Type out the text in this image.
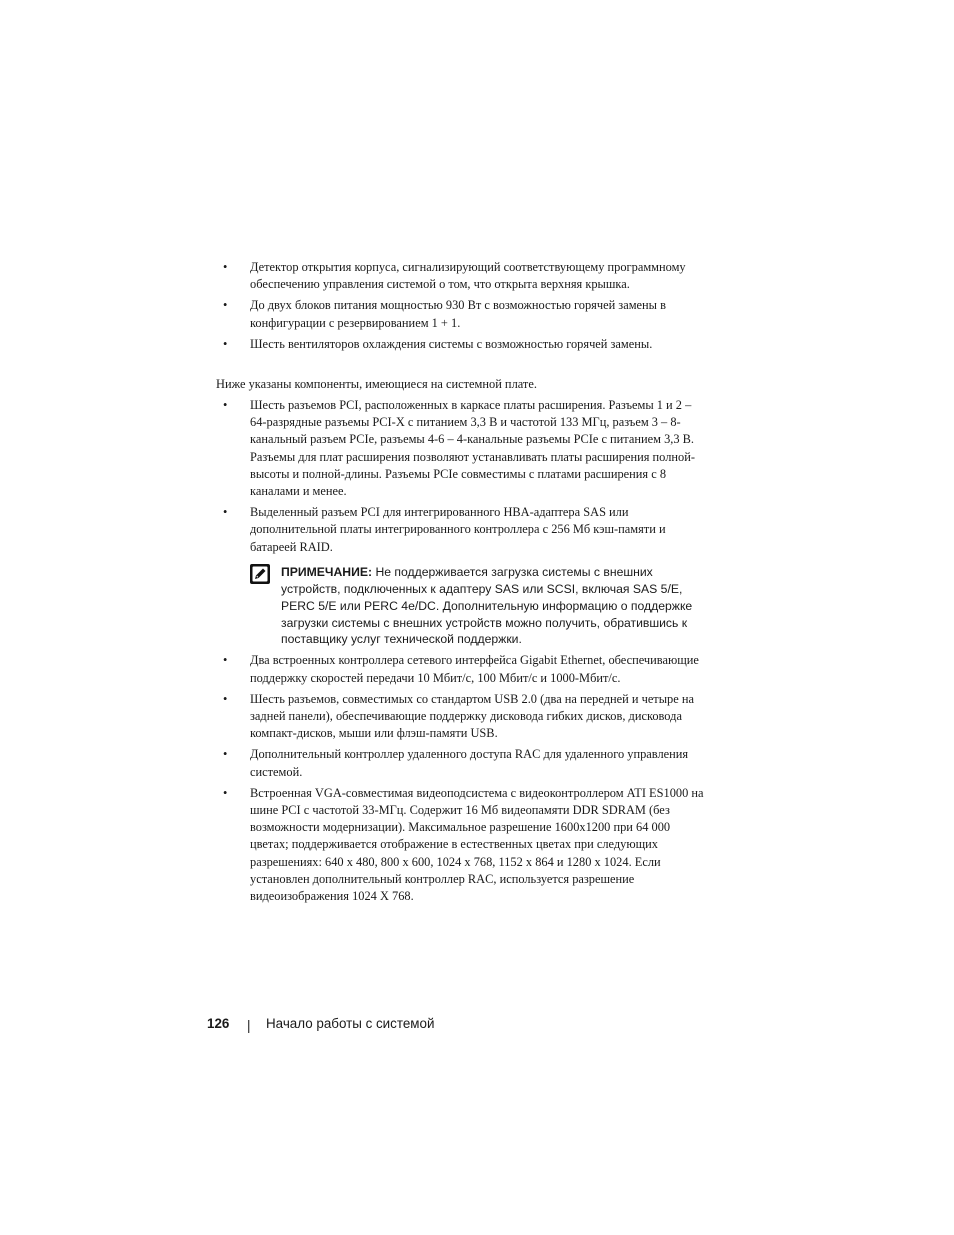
• Детектор открытия корпуса, сигнализирующий соответствующему программному обеспечению управления системой о том, что открыта верхняя крышка.
• До двух блоков питания мощностью 930 Вт с возможностью горячей замены в конфигурации с резервированием 1 + 1.
• Шесть вентиляторов охлаждения системы с возможностью горячей замены.
Ниже указаны компоненты, имеющиеся на системной плате.
• Шесть разъемов PCI, расположенных в каркасе платы расширения. Разъемы 1 и 2 – 64-разрядные разъемы PCI-X с питанием 3,3 В и частотой 133 МГц, разъем 3 – 8-канальный разъем PCIe, разъемы 4-6 – 4-канальные разъемы PCIe с питанием 3,3 В. Разъемы для плат расширения позволяют устанавливать платы расширения полной-высоты и полной-длины. Разъемы PCIe совместимы с платами расширения с 8 каналами и менее.
• Выделенный разъем PCI для интегрированного HBA-адаптера SAS или дополнительной платы интегрированного контроллера с 256 Мб кэш-памяти и батареей RAID.
ПРИМЕЧАНИЕ: Не поддерживается загрузка системы с внешних устройств, подключенных к адаптеру SAS или SCSI, включая SAS 5/E, PERC 5/E или PERC 4e/DC. Дополнительную информацию о поддержке загрузки системы с внешних устройств можно получить, обратившись к поставщику услуг технической поддержки.
• Два встроенных контроллера сетевого интерфейса Gigabit Ethernet, обеспечивающие поддержку скоростей передачи 10 Мбит/с, 100 Мбит/с и 1000-Мбит/с.
• Шесть разъемов, совместимых со стандартом USB 2.0 (два на передней и четыре на задней панели), обеспечивающие поддержку дисковода гибких дисков, дисковода компакт-дисков, мыши или флэш-памяти USB.
• Дополнительный контроллер удаленного доступа RAC для удаленного управления системой.
• Встроенная VGA-совместимая видеоподсистема с видеоконтроллером ATI ES1000 на шине PCI с частотой 33-МГц. Содержит 16 Мб видеопамяти DDR SDRAM (без возможности модернизации). Максимальное разрешение 1600x1200 при 64 000 цветах; поддерживается отображение в естественных цветах при следующих разрешениях: 640 x 480, 800 x 600, 1024 x 768, 1152 x 864 и 1280 x 1024. Если установлен дополнительный контроллер RAC, используется разрешение видеоизображения 1024 X 768.
126 | Начало работы с системой
